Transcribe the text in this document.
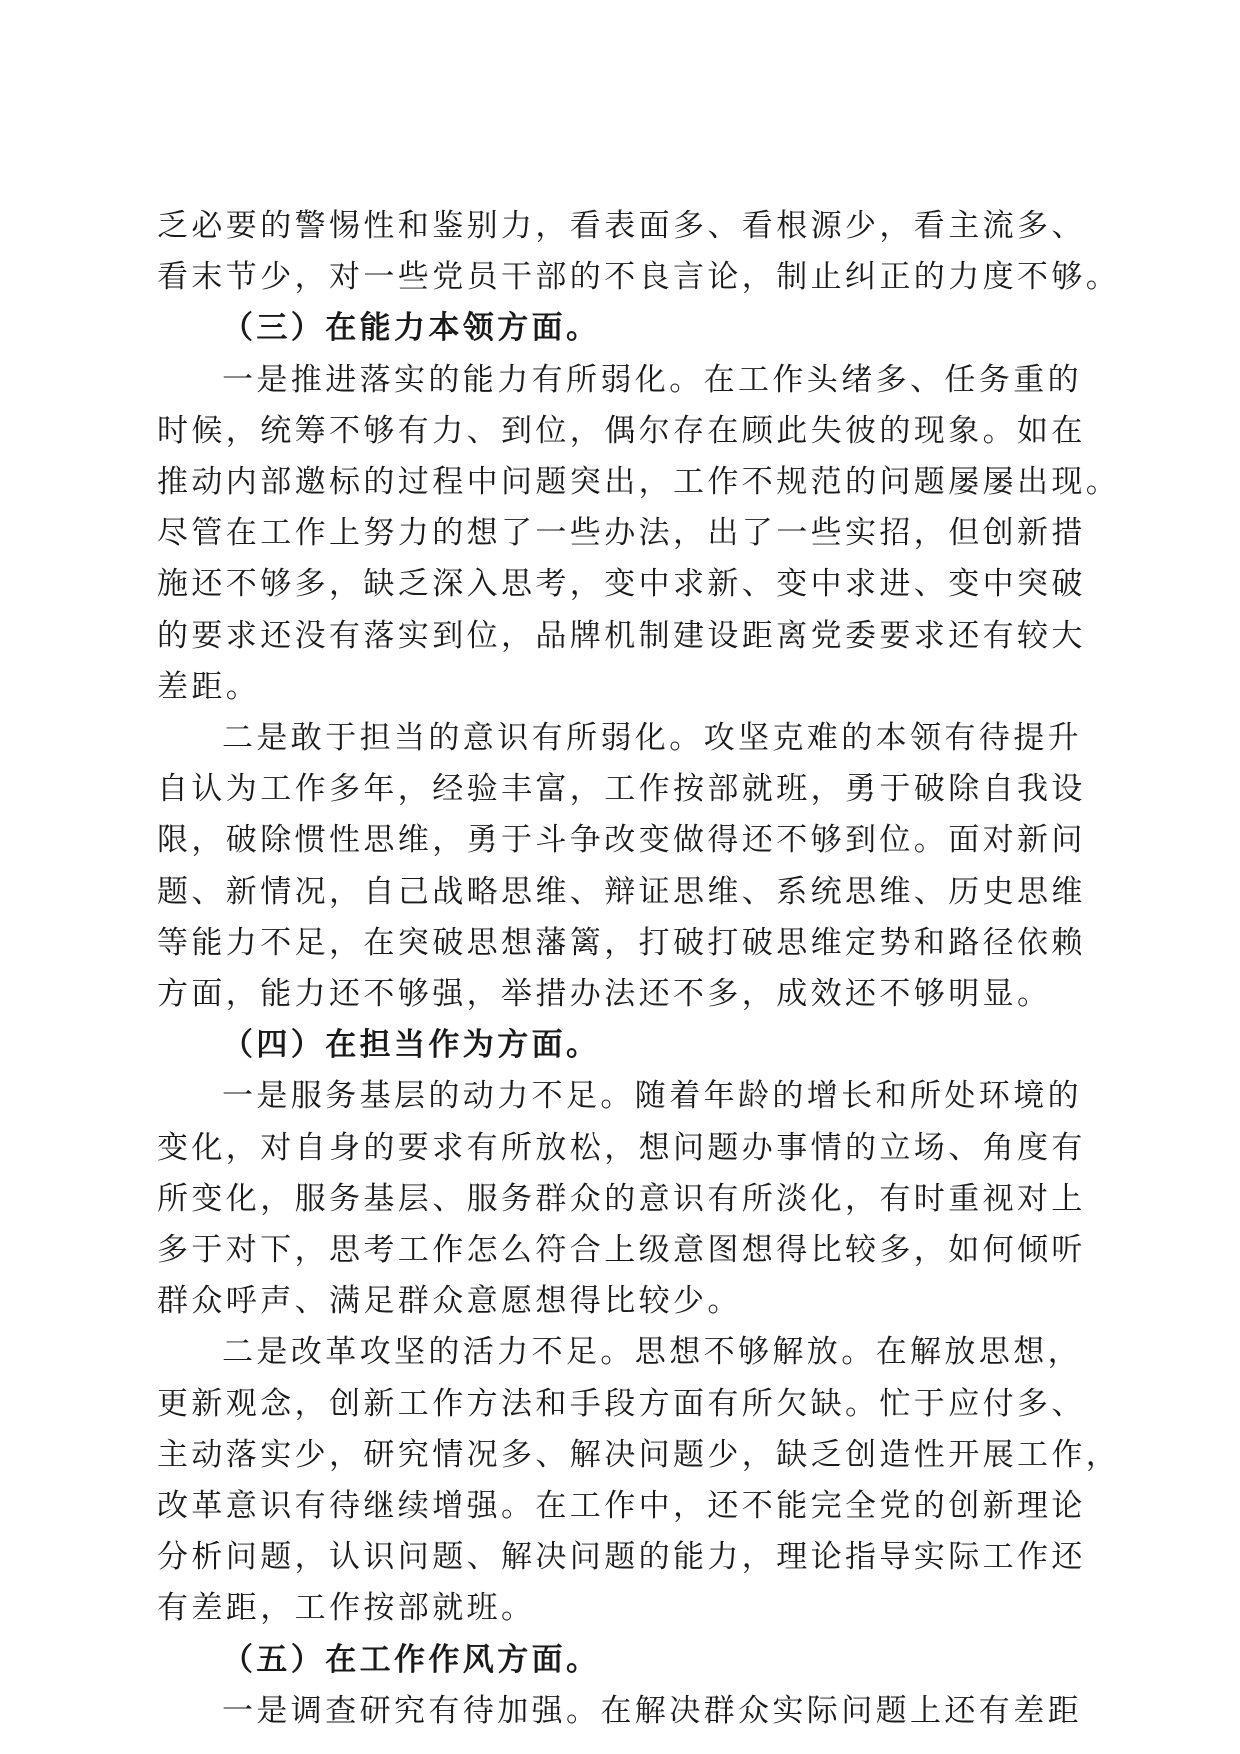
乏必要的警惕性和鉴别力，看表面多、看根源少，看主流多、
看末节少，对一些党员干部的不良言论，制止纠正的力度不够。
（三）在能力本领方面。
一是推进落实的能力有所弱化。在工作头绪多、任务重的
时候，统筹不够有力、到位，偶尔存在顾此失彼的现象。如在
推动内部邀标的过程中问题突出，工作不规范的问题屡屡出现。
尽管在工作上努力的想了一些办法，出了一些实招，但创新措
施还不够多，缺乏深入思考，变中求新、变中求进、变中突破
的要求还没有落实到位，品牌机制建设距离党委要求还有较大
差距。
二是敢于担当的意识有所弱化。攻坚克难的本领有待提升
自认为工作多年，经验丰富，工作按部就班，勇于破除自我设
限，破除惯性思维，勇于斗争改变做得还不够到位。面对新问
题、新情况，自己战略思维、辩证思维、系统思维、历史思维
等能力不足，在突破思想藩篱，打破打破思维定势和路径依赖
方面，能力还不够强，举措办法还不多，成效还不够明显。
（四）在担当作为方面。
一是服务基层的动力不足。随着年龄的增长和所处环境的
变化，对自身的要求有所放松，想问题办事情的立场、角度有
所变化，服务基层、服务群众的意识有所淡化，有时重视对上
多于对下，思考工作怎么符合上级意图想得比较多，如何倾听
群众呼声、满足群众意愿想得比较少。
二是改革攻坚的活力不足。思想不够解放。在解放思想，
更新观念，创新工作方法和手段方面有所欠缺。忙于应付多、
主动落实少，研究情况多、解决问题少，缺乏创造性开展工作，
改革意识有待继续增强。在工作中，还不能完全党的创新理论
分析问题，认识问题、解决问题的能力，理论指导实际工作还
有差距，工作按部就班。
（五）在工作作风方面。
一是调查研究有待加强。在解决群众实际问题上还有差距
